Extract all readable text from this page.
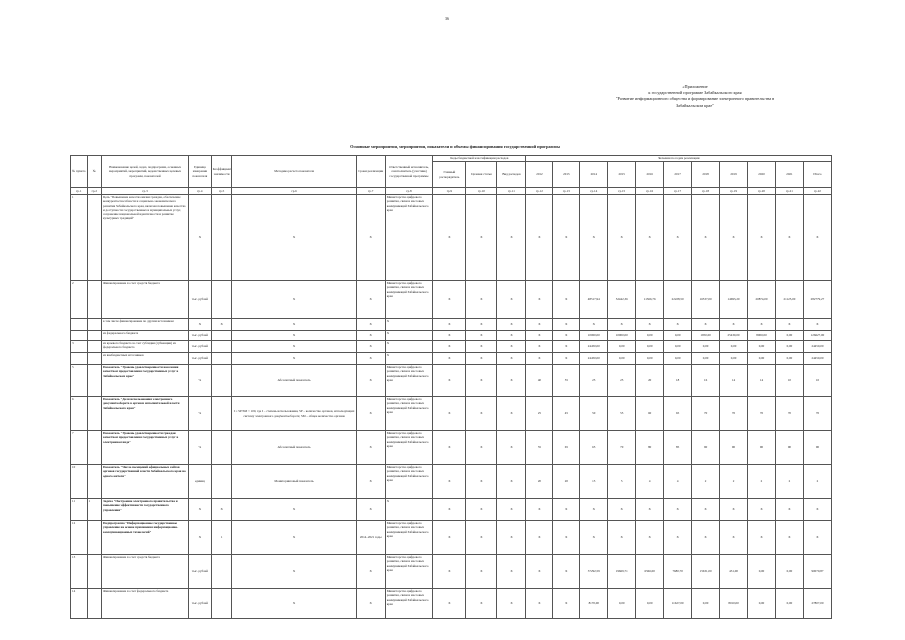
36
«Приложение
к государственной программе Забайкальского края
"Развитие информационного общества и формирование электронного правительства в
Забайкальском крае"
Основные мероприятия, мероприятия, показатели и объемы финансирования государственной программы
№ пункта	№	Наименование целей, задач, подпрограмм, основных мероприятий, мероприятий, ведомственных целевых программ, показателей	Единица измерения показателя	Коэффициент значимости	Методика расчета показателя	Сроки реализации	Ответственный исполнитель, соисполнитель (участник) государственной программы	Коды бюджетной классификации расходов			Значения по годам реализации										
								Главный распорядитель	Целевая статья	Вид расходов	2012	2013	2014	2015	2016	2017	2018	2019	2020	2021	Итого
гр.1	гр.2	гр.3	гр.4	гр.5	гр.6	гр.7	гр.8	гр.9	гр.10	гр.11	гр.12	гр.13	гр.14	гр.15	гр.16	гр.17	гр.18	гр.19	гр.20	гр.21	гр.22
1		Цель "Повышение качества жизни граждан, обеспечение конкурентоспособности и социально-экономического развития Забайкальского края, включая повышение качества и доступности государственных и муниципальных услуг, сохранение национальной идентичности и развитие культурных традиций"	Х		Х	Х	Министерство цифрового развития, связи и массовых коммуникаций Забайкальского края	Х	Х	Х	Х	Х	Х	Х	Х	Х	Х	Х	Х	Х	Х
2		Финансирование за счет средств бюджета	тыс. рублей		Х	Х	Министерство цифрового развития, связи и массовых коммуникаций Забайкальского края	Х	Х	Х	Х	Х	48517,94	52442,36	11366,76	22228,50	16537,00	14693,20	20874,00	21125,00	282779,27
		в том числе финансирование по другим источникам	Х	Х	Х	Х	Х	Х	Х	Х	Х	Х	Х	Х	Х	Х	Х	Х	Х	Х	Х
		из федерального бюджета	тыс. рублей		Х	Х	Х	Х	Х	Х	Х	Х	10000,00	10000,00	0,00	0,00	1950,00	25430,00	8000,00	0,00	126627,00
3		из краевого бюджета за счет субсидии (субвенции) из федерального бюджета	тыс. рублей		Х	Х	Х	Х	Х	Х	Х	Х	24450,00	0,00	0,00	0,00	0,00	0,00	0,00	0,00	24450,00
		из внебюджетных источников	тыс. рублей		Х	Х	Х	Х	Х	Х	Х	Х	24450,00	0,00	0,00	0,00	0,00	0,00	0,00	0,00	24450,00
5		Показатель "Уровень удовлетворенности населения качеством предоставления государственных услуг в Забайкальском крае"	%		Абсолютный показатель	Х	Министерство цифрового развития, связи и массовых коммуникаций Забайкальского края	Х	Х	Х	40	55	25	25	20	18	16	14	14	10	10
6		Показатель "Доля использования электронного документооборота в органах исполнительной власти Забайкальского края"	%		I = SP/SM × 100, где I – степень использования, SP – количество органов, использующих систему электронного документооборота; SM – общее количество органов	Х	Министерство цифрового развития, связи и массовых коммуникаций Забайкальского края	Х	Х	Х	25	45	50	55	60	65	70	70	70	70	70
7		Показатель "Уровень удовлетворенности граждан качеством предоставления государственных услуг в электронном виде"	%		Абсолютный показатель	Х	Министерство цифрового развития, связи и массовых коммуникаций Забайкальского края	Х	Х	Х	55	65	65	70	80	85	90	90	90	90	90
10		Показатель "Число посещений официальных сайтов органов государственной власти Забайкальского края на одного жителя"	единиц		Мониторинговый показатель	Х	Министерство цифрового развития, связи и массовых коммуникаций Забайкальского края	Х	Х	Х	20	20	15	5	4	4	2	2	2	2	2
11	1	Задача "Построение электронного правительства и повышение эффективности государственного управления"	Х	Х	Х	Х	Х	Х	Х	Х	Х	Х	Х	Х	Х	Х	Х	Х	Х	Х	Х
12		Подпрограмма "Информационное государственное управление на основе применения информационно-коммуникационных технологий"	Х	1	Х	2014–2021 годы	Министерство цифрового развития, связи и массовых коммуникаций Забайкальского края	Х	Х	Х	Х	Х	Х	Х	Х	Х	Х	Х	Х	Х	Х
13		Финансирование за счет средств бюджета	тыс. рублей		Х	Х	Министерство цифрового развития, связи и массовых коммуникаций Забайкальского края	Х	Х	Х	Х	Х	37292,59	19669,71	6566,00	7680,70	15631,00	431,00	0,00	0,00	90070,87
14		Финансирование за счет федерального бюджета	тыс. рублей		Х	Х	Министерство цифрового развития, связи и массовых коммуникаций Забайкальского края	Х	Х	Х	Х	Х	8170,00	0,00	0,00	11627,00	0,00	8010,00	0,00	0,00	27807,00
